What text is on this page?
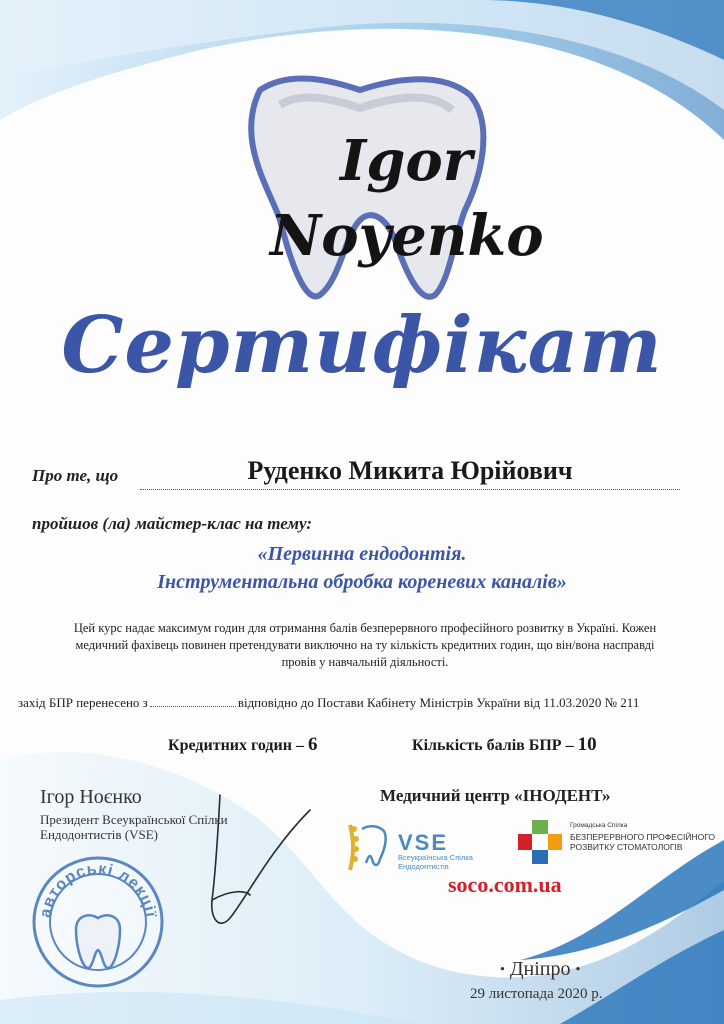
Igor
Noyenko
Сертифікат
Про те, що	Руденко Микита Юрійович
пройшов (ла) майстер-клас на тему:
«Первинна ендодонтія.
Інструментальна обробка кореневих каналів»
Цей курс надає максимум годин для отримання балів безперервного професійного розвитку в Україні. Кожен медичний фахівець повинен претендувати виключно на ту кількість кредитних годин, що він/вона насправді провів у навчальній діяльності.
захід БПР перенесено з	відповідно до Постави Кабінету Міністрів України від 11.03.2020 № 211
Кредитних годин – 6	Кількість балів БПР – 10
Ігор Ноєнко
Президент Всеукраїнської Спілки Ендодонтистів (VSE)
авторські лекції
Медичний центр «ІНОДЕНТ»
VSE
Всеукраїнська Спілка Ендодонтистів
Громадська Спілка
БЕЗПЕРЕРВНОГО ПРОФЕСІЙНОГО РОЗВИТКУ СТОМАТОЛОГІВ
soco.com.ua
• Дніпро •
29 листопада 2020 р.
